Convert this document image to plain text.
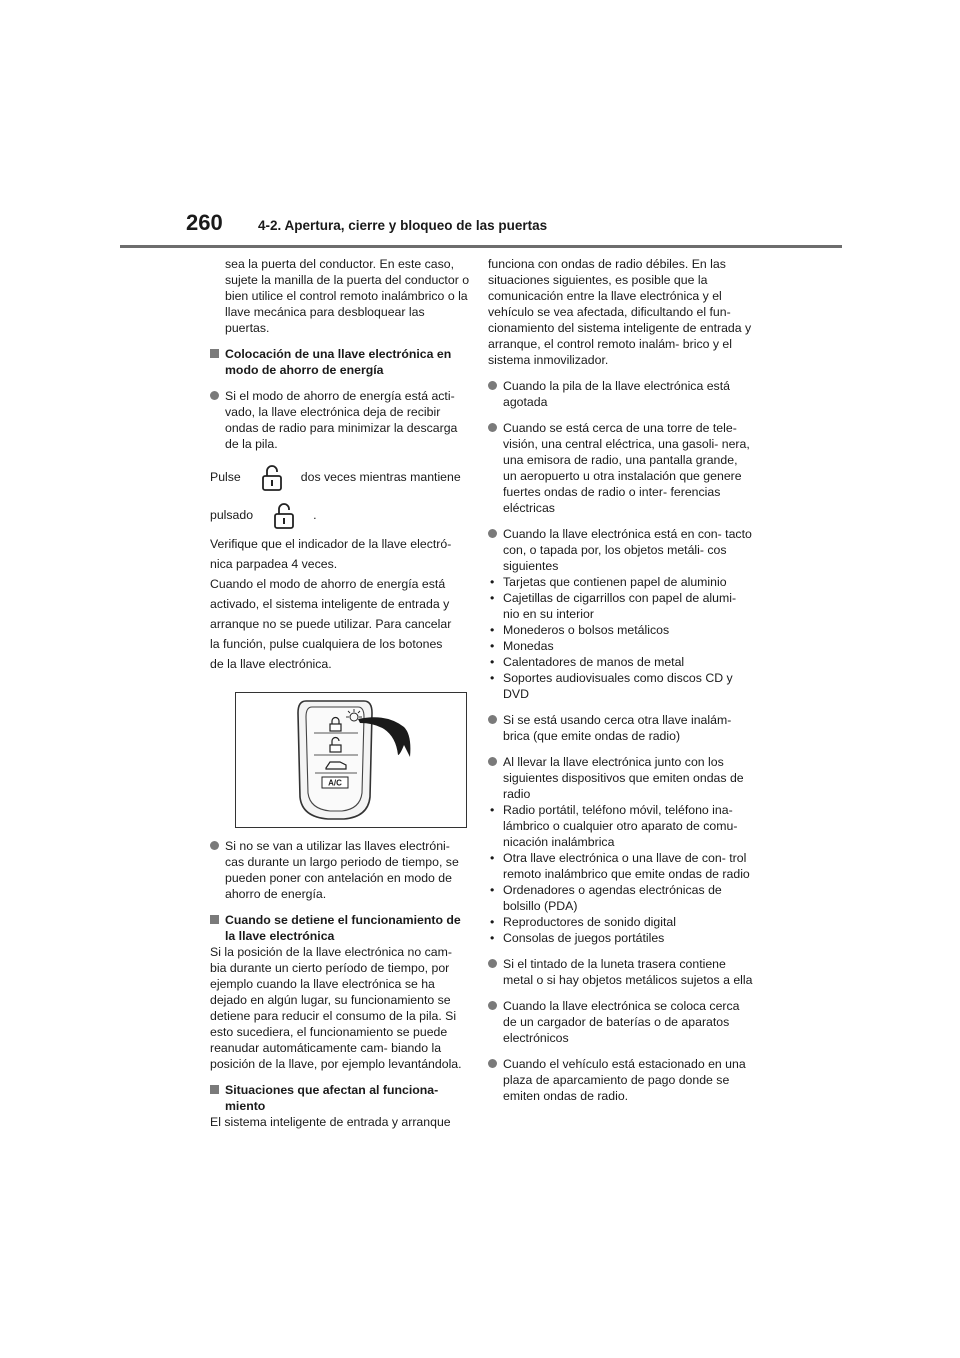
260	4-2. Apertura, cierre y bloqueo de las puertas

sea la puerta del conductor. En este caso, sujete la manilla de la puerta del conductor o bien utilice el control remoto inalámbrico o la llave mecánica para desbloquear las puertas.

Colocación de una llave electrónica en modo de ahorro de energía

Si el modo de ahorro de energía está acti- vado, la llave electrónica deja de recibir ondas de radio para minimizar la descarga de la pila.

Pulse	dos veces mientras mantiene
pulsado	.

Verifique que el indicador de la llave electró-

nica parpadea 4 veces.

Cuando el modo de ahorro de energía está

activado, el sistema inteligente de entrada y

arranque no se puede utilizar. Para cancelar

la función, pulse cualquiera de los botones

de la llave electrónica.

A/C

Si no se van a utilizar las llaves electróni- cas durante un largo periodo de tiempo, se pueden poner con antelación en modo de ahorro de energía.

Cuando se detiene el funcionamiento de la llave electrónica

Si la posición de la llave electrónica no cam- bia durante un cierto período de tiempo, por ejemplo cuando la llave electrónica se ha dejado en algún lugar, su funcionamiento se detiene para reducir el consumo de la pila. Si esto sucediera, el funcionamiento se puede reanudar automáticamente cam- biando la posición de la llave, por ejemplo levantándola.

Situaciones que afectan al funciona- miento

El sistema inteligente de entrada y arranque

funciona con ondas de radio débiles. En las situaciones siguientes, es posible que la comunicación entre la llave electrónica y el vehículo se vea afectada, dificultando el fun- cionamiento del sistema inteligente de entrada y arranque, el control remoto inalám- brico y el sistema inmovilizador.

Cuando la pila de la llave electrónica está agotada

Cuando se está cerca de una torre de tele- visión, una central eléctrica, una gasoli- nera, una emisora de radio, una pantalla grande, un aeropuerto u otra instalación que genere fuertes ondas de radio o inter- ferencias eléctricas

Cuando la llave electrónica está en con- tacto con, o tapada por, los objetos metáli- cos siguientes

• Tarjetas que contienen papel de aluminio
• Cajetillas de cigarrillos con papel de alumi- nio en su interior
• Monederos o bolsos metálicos
• Monedas
• Calentadores de manos de metal
• Soportes audiovisuales como discos CD y DVD

Si se está usando cerca otra llave inalám- brica (que emite ondas de radio)

Al llevar la llave electrónica junto con los siguientes dispositivos que emiten ondas de radio

• Radio portátil, teléfono móvil, teléfono ina- lámbrico o cualquier otro aparato de comu- nicación inalámbrica
• Otra llave electrónica o una llave de con- trol remoto inalámbrico que emite ondas de radio
• Ordenadores o agendas electrónicas de bolsillo (PDA)
• Reproductores de sonido digital
• Consolas de juegos portátiles

Si el tintado de la luneta trasera contiene metal o si hay objetos metálicos sujetos a ella

Cuando la llave electrónica se coloca cerca de un cargador de baterías o de aparatos electrónicos

Cuando el vehículo está estacionado en una plaza de aparcamiento de pago donde se emiten ondas de radio.
